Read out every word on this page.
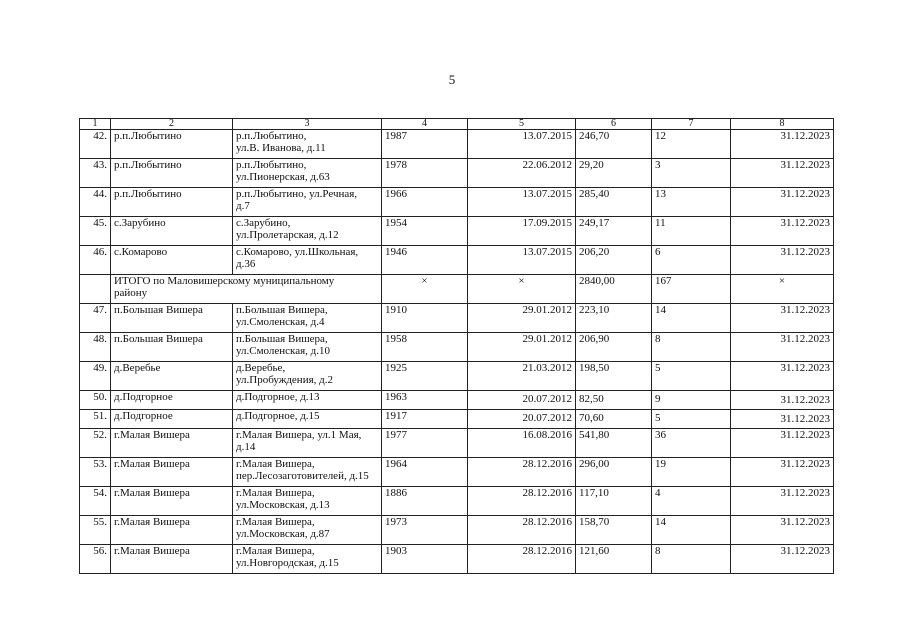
5
1	2	3	4	5	6	7	8
42.	р.п.Любытино	р.п.Любытино,
ул.В. Иванова, д.11	1987	13.07.2015	246,70	12	31.12.2023
43.	р.п.Любытино	р.п.Любытино,
ул.Пионерская, д.63	1978	22.06.2012	29,20	3	31.12.2023
44.	р.п.Любытино	р.п.Любытино, ул.Речная,
д.7	1966	13.07.2015	285,40	13	31.12.2023
45.	с.Зарубино	с.Зарубино,
ул.Пролетарская, д.12	1954	17.09.2015	249,17	11	31.12.2023
46.	с.Комарово	с.Комарово, ул.Школьная,
д.36	1946	13.07.2015	206,20	6	31.12.2023
	ИТОГО по Маловишерскому муниципальному
району		×	×	2840,00	167	×
47.	п.Большая Вишера	п.Большая Вишера,
ул.Смоленская, д.4	1910	29.01.2012	223,10	14	31.12.2023
48.	п.Большая Вишера	п.Большая Вишера,
ул.Смоленская, д.10	1958	29.01.2012	206,90	8	31.12.2023
49.	д.Веребье	д.Веребье,
ул.Пробуждения, д.2	1925	21.03.2012	198,50	5	31.12.2023
50.	д.Подгорное	д.Подгорное, д.13	1963	20.07.2012	82,50	9	31.12.2023
51.	д.Подгорное	д.Подгорное, д.15	1917	20.07.2012	70,60	5	31.12.2023
52.	г.Малая Вишера	г.Малая Вишера, ул.1 Мая,
д.14	1977	16.08.2016	541,80	36	31.12.2023
53.	г.Малая Вишера	г.Малая Вишера,
пер.Лесозаготовителей, д.15	1964	28.12.2016	296,00	19	31.12.2023
54.	г.Малая Вишера	г.Малая Вишера,
ул.Московская, д.13	1886	28.12.2016	117,10	4	31.12.2023
55.	г.Малая Вишера	г.Малая Вишера,
ул.Московская, д.87	1973	28.12.2016	158,70	14	31.12.2023
56.	г.Малая Вишера	г.Малая Вишера,
ул.Новгородская, д.15	1903	28.12.2016	121,60	8	31.12.2023
